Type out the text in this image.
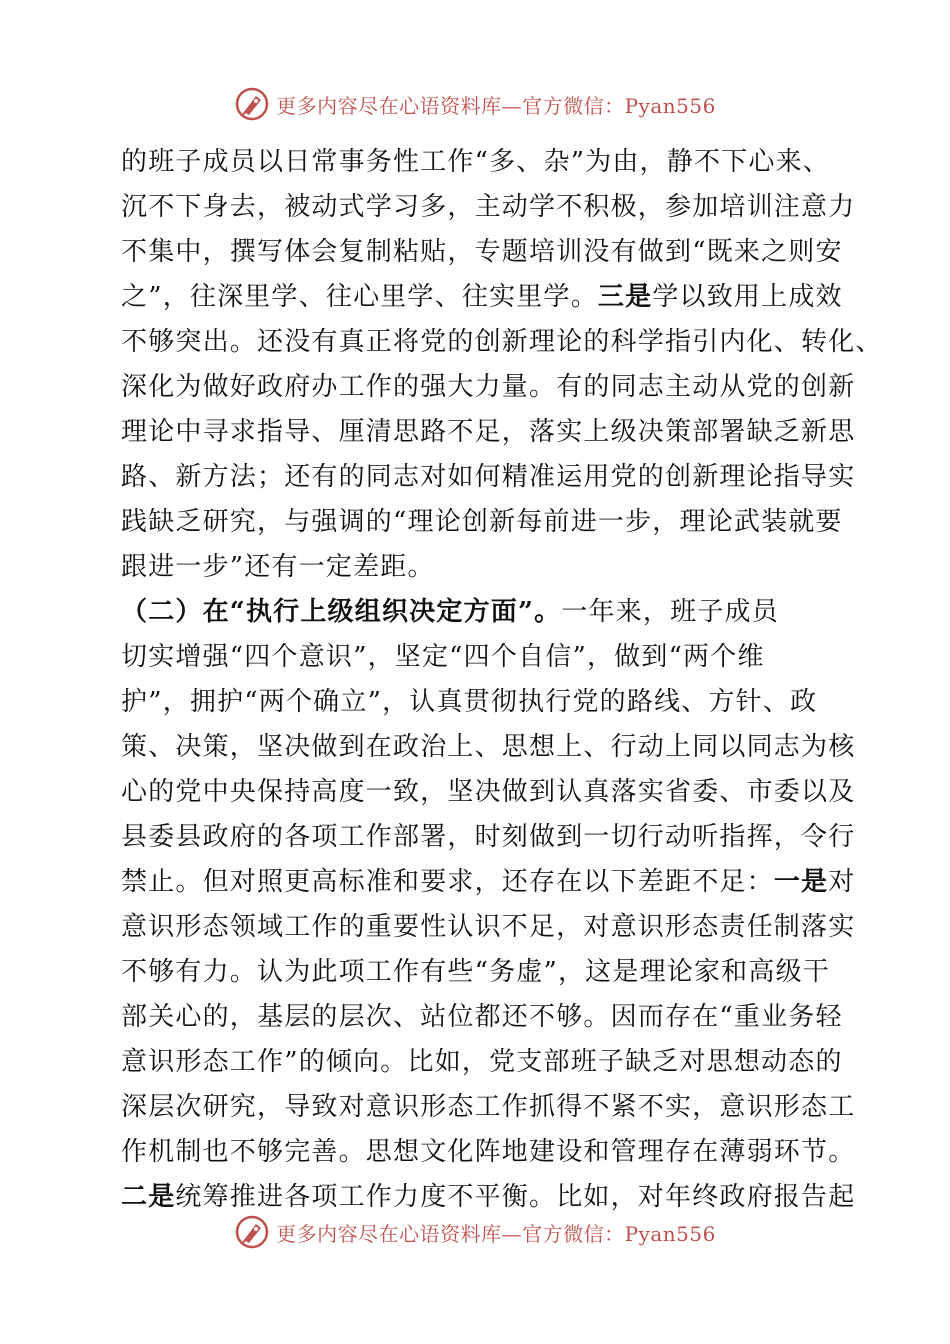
更多内容尽在心语资料库—官方微信：Pyan556
的班子成员以日常事务性工作“多、杂”为由，静不下心来、
沉不下身去，被动式学习多，主动学不积极，参加培训注意力
不集中，撰写体会复制粘贴，专题培训没有做到“既来之则安
之”，往深里学、往心里学、往实里学。三是学以致用上成效
不够突出。还没有真正将党的创新理论的科学指引内化、转化、
深化为做好政府办工作的强大力量。有的同志主动从党的创新
理论中寻求指导、厘清思路不足，落实上级决策部署缺乏新思
路、新方法；还有的同志对如何精准运用党的创新理论指导实
践缺乏研究，与强调的“理论创新每前进一步，理论武装就要
跟进一步”还有一定差距。
（二）在“执行上级组织决定方面”。一年来，班子成员
切实增强“四个意识”，坚定“四个自信”，做到“两个维
护”，拥护“两个确立”，认真贯彻执行党的路线、方针、政
策、决策，坚决做到在政治上、思想上、行动上同以同志为核
心的党中央保持高度一致，坚决做到认真落实省委、市委以及
县委县政府的各项工作部署，时刻做到一切行动听指挥，令行
禁止。但对照更高标准和要求，还存在以下差距不足：一是对
意识形态领域工作的重要性认识不足，对意识形态责任制落实
不够有力。认为此项工作有些“务虚”，这是理论家和高级干
部关心的，基层的层次、站位都还不够。因而存在“重业务轻
意识形态工作”的倾向。比如，党支部班子缺乏对思想动态的
深层次研究，导致对意识形态工作抓得不紧不实，意识形态工
作机制也不够完善。思想文化阵地建设和管理存在薄弱环节。
二是统筹推进各项工作力度不平衡。比如，对年终政府报告起
更多内容尽在心语资料库—官方微信：Pyan556
